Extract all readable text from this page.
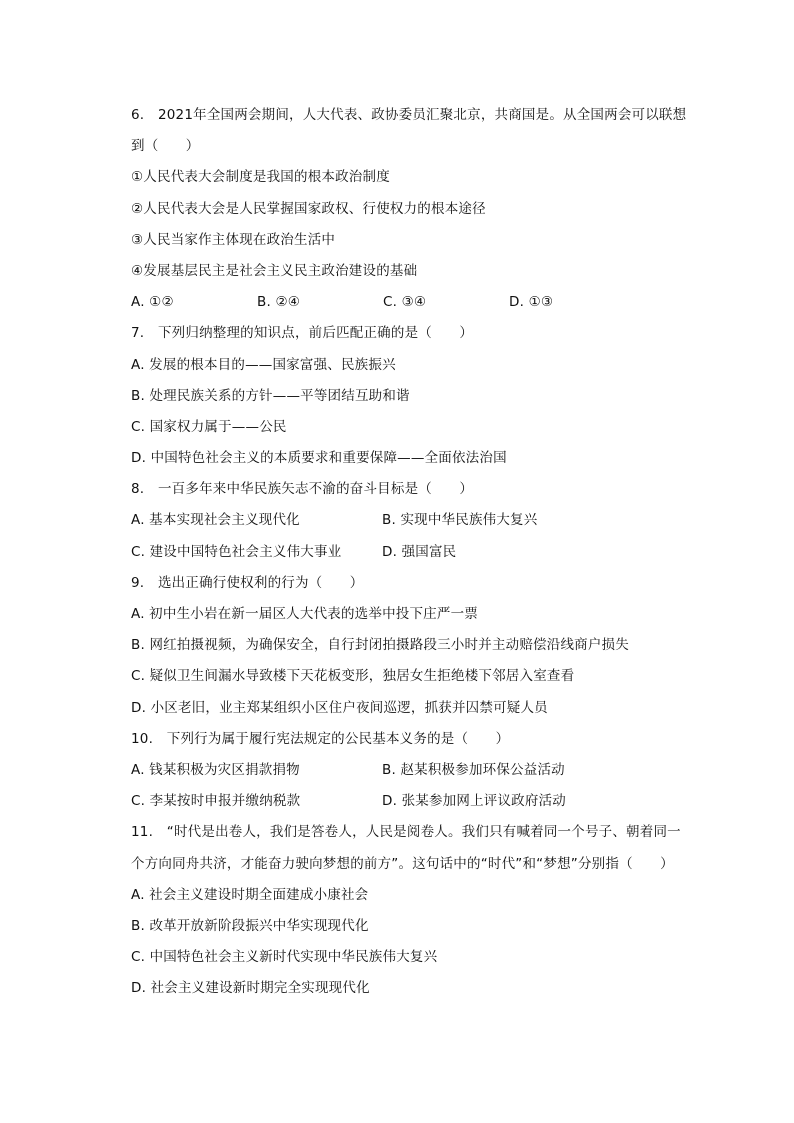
6.　2021年全国两会期间，人大代表、政协委员汇聚北京，共商国是。从全国两会可以联想
到（　　）
①人民代表大会制度是我国的根本政治制度
②人民代表大会是人民掌握国家政权、行使权力的根本途径
③人民当家作主体现在政治生活中
④发展基层民主是社会主义民主政治建设的基础
A. ①②	B. ②④	C. ③④	D. ①③
7.　下列归纳整理的知识点，前后匹配正确的是（　　）
A. 发展的根本目的——国家富强、民族振兴
B. 处理民族关系的方针——平等团结互助和谐
C. 国家权力属于——公民
D. 中国特色社会主义的本质要求和重要保障——全面依法治国
8.　一百多年来中华民族矢志不渝的奋斗目标是（　　）
A. 基本实现社会主义现代化	B. 实现中华民族伟大复兴
C. 建设中国特色社会主义伟大事业	D. 强国富民
9.　选出正确行使权利的行为（　　）
A. 初中生小岩在新一届区人大代表的选举中投下庄严一票
B. 网红拍摄视频，为确保安全，自行封闭拍摄路段三小时并主动赔偿沿线商户损失
C. 疑似卫生间漏水导致楼下天花板变形，独居女生拒绝楼下邻居入室查看
D. 小区老旧，业主郑某组织小区住户夜间巡逻，抓获并囚禁可疑人员
10.　下列行为属于履行宪法规定的公民基本义务的是（　　）
A. 钱某积极为灾区捐款捐物	B. 赵某积极参加环保公益活动
C. 李某按时申报并缴纳税款	D. 张某参加网上评议政府活动
11.　“时代是出卷人，我们是答卷人，人民是阅卷人。我们只有喊着同一个号子、朝着同一
个方向同舟共济，才能奋力驶向梦想的前方”。这句话中的“时代”和“梦想”分别指（　　）
A. 社会主义建设时期全面建成小康社会
B. 改革开放新阶段振兴中华实现现代化
C. 中国特色社会主义新时代实现中华民族伟大复兴
D. 社会主义建设新时期完全实现现代化
